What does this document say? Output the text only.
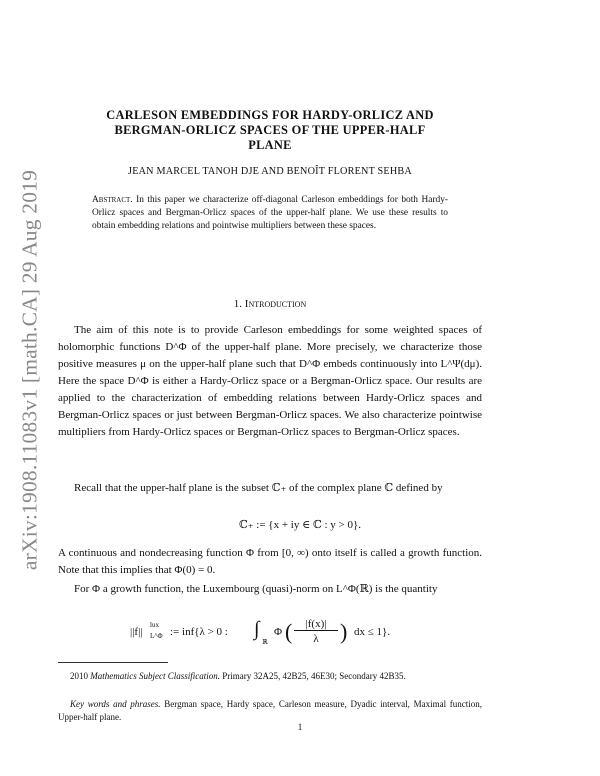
arXiv:1908.11083v1 [math.CA] 29 Aug 2019
CARLESON EMBEDDINGS FOR HARDY-ORLICZ AND
BERGMAN-ORLICZ SPACES OF THE UPPER-HALF
PLANE
JEAN MARCEL TANOH DJE AND BENOÎT FLORENT SEHBA
Abstract. In this paper we characterize off-diagonal Carleson embeddings for both Hardy-Orlicz spaces and Bergman-Orlicz spaces of the upper-half plane. We use these results to obtain embedding relations and pointwise multipliers between these spaces.
1. Introduction
The aim of this note is to provide Carleson embeddings for some weighted spaces of holomorphic functions D^Φ of the upper-half plane. More precisely, we characterize those positive measures μ on the upper-half plane such that D^Φ embeds continuously into L^Ψ(dμ). Here the space D^Φ is either a Hardy-Orlicz space or a Bergman-Orlicz space. Our results are applied to the characterization of embedding relations between Hardy-Orlicz spaces and Bergman-Orlicz spaces or just between Bergman-Orlicz spaces. We also characterize pointwise multipliers from Hardy-Orlicz spaces or Bergman-Orlicz spaces to Bergman-Orlicz spaces.
Recall that the upper-half plane is the subset ℂ₊ of the complex plane ℂ defined by
ℂ₊ := {x + iy ∈ ℂ : y > 0}.
A continuous and nondecreasing function Φ from [0, ∞) onto itself is called a growth function. Note that this implies that Φ(0) = 0.
For Φ a growth function, the Luxembourg (quasi)-norm on L^Φ(ℝ) is the quantity
||f||
lux
L^Φ := inf{λ > 0 : ∫
ℝ
Φ (	|f(x)|
λ ) dx ≤ 1}.
2010 Mathematics Subject Classification. Primary 32A25, 42B25, 46E30; Secondary 42B35.
Key words and phrases. Bergman space, Hardy space, Carleson measure, Dyadic interval, Maximal function, Upper-half plane.
1
